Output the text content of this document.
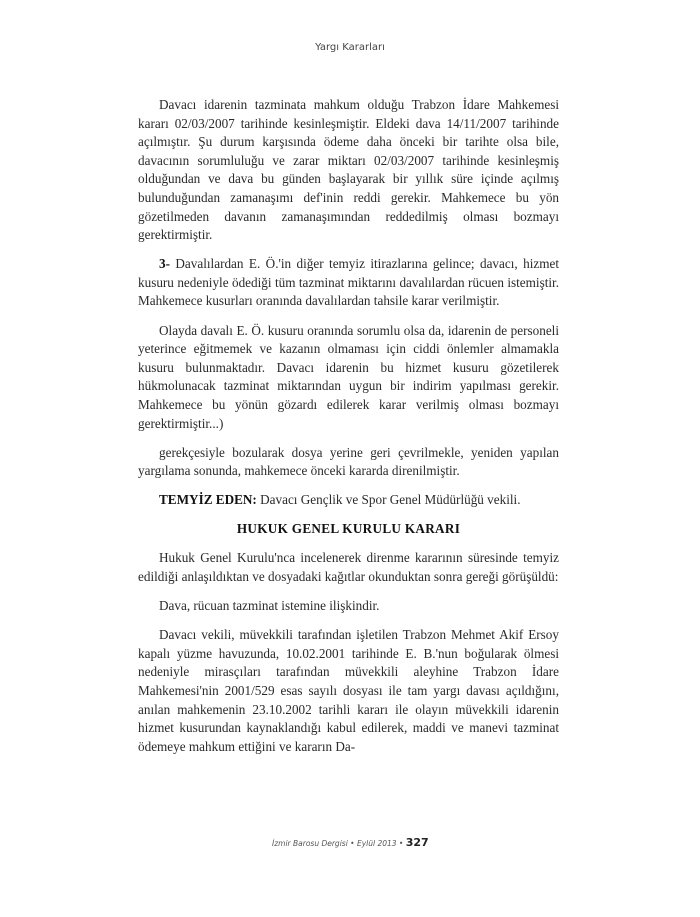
Yargı Kararları

Davacı idarenin tazminata mahkum olduğu Trabzon İdare Mahkemesi kararı 02/03/2007 tarihinde kesinleşmiştir. Eldeki dava 14/11/2007 tarihinde açılmıştır. Şu durum karşısında ödeme daha önceki bir tarihte olsa bile, davacının sorumluluğu ve zarar miktarı 02/03/2007 tarihinde kesinleşmiş olduğundan ve dava bu günden başlayarak bir yıllık süre içinde açılmış bulunduğundan zamanaşımı def'inin reddi gerekir. Mahkemece bu yön gözetilmeden davanın zamanaşımından reddedilmiş olması bozmayı gerektirmiştir.

3- Davalılardan E. Ö.'in diğer temyiz itirazlarına gelince; davacı, hizmet kusuru nedeniyle ödediği tüm tazminat miktarını davalılardan rücuen istemiştir. Mahkemece kusurları oranında davalılardan tahsile karar verilmiştir.

Olayda davalı E. Ö. kusuru oranında sorumlu olsa da, idarenin de personeli yeterince eğitmemek ve kazanın olmaması için ciddi önlemler almamakla kusuru bulunmaktadır. Davacı idarenin bu hizmet kusuru gözetilerek hükmolunacak tazminat miktarından uygun bir indirim yapılması gerekir. Mahkemece bu yönün gözardı edilerek karar verilmiş olması bozmayı gerektirmiştir...)

gerekçesiyle bozularak dosya yerine geri çevrilmekle, yeniden yapılan yargılama sonunda, mahkemece önceki kararda direnilmiştir.

TEMYİZ EDEN: Davacı Gençlik ve Spor Genel Müdürlüğü vekili.

HUKUK GENEL KURULU KARARI

Hukuk Genel Kurulu'nca incelenerek direnme kararının süresinde temyiz edildiği anlaşıldıktan ve dosyadaki kağıtlar okunduktan sonra gereği görüşüldü:

Dava, rücuan tazminat istemine ilişkindir.

Davacı vekili, müvekkili tarafından işletilen Trabzon Mehmet Akif Ersoy kapalı yüzme havuzunda, 10.02.2001 tarihinde E. B.'nun boğularak ölmesi nedeniyle mirasçıları tarafından müvekkili aleyhine Trabzon İdare Mahkemesi'nin 2001/529 esas sayılı dosyası ile tam yargı davası açıldığını, anılan mahkemenin 23.10.2002 tarihli kararı ile olayın müvekkili idarenin hizmet kusurundan kaynaklandığı kabul edilerek, maddi ve manevi tazminat ödemeye mahkum ettiğini ve kararın Da-

İzmir Barosu Dergisi • Eylül 2013 • 327
